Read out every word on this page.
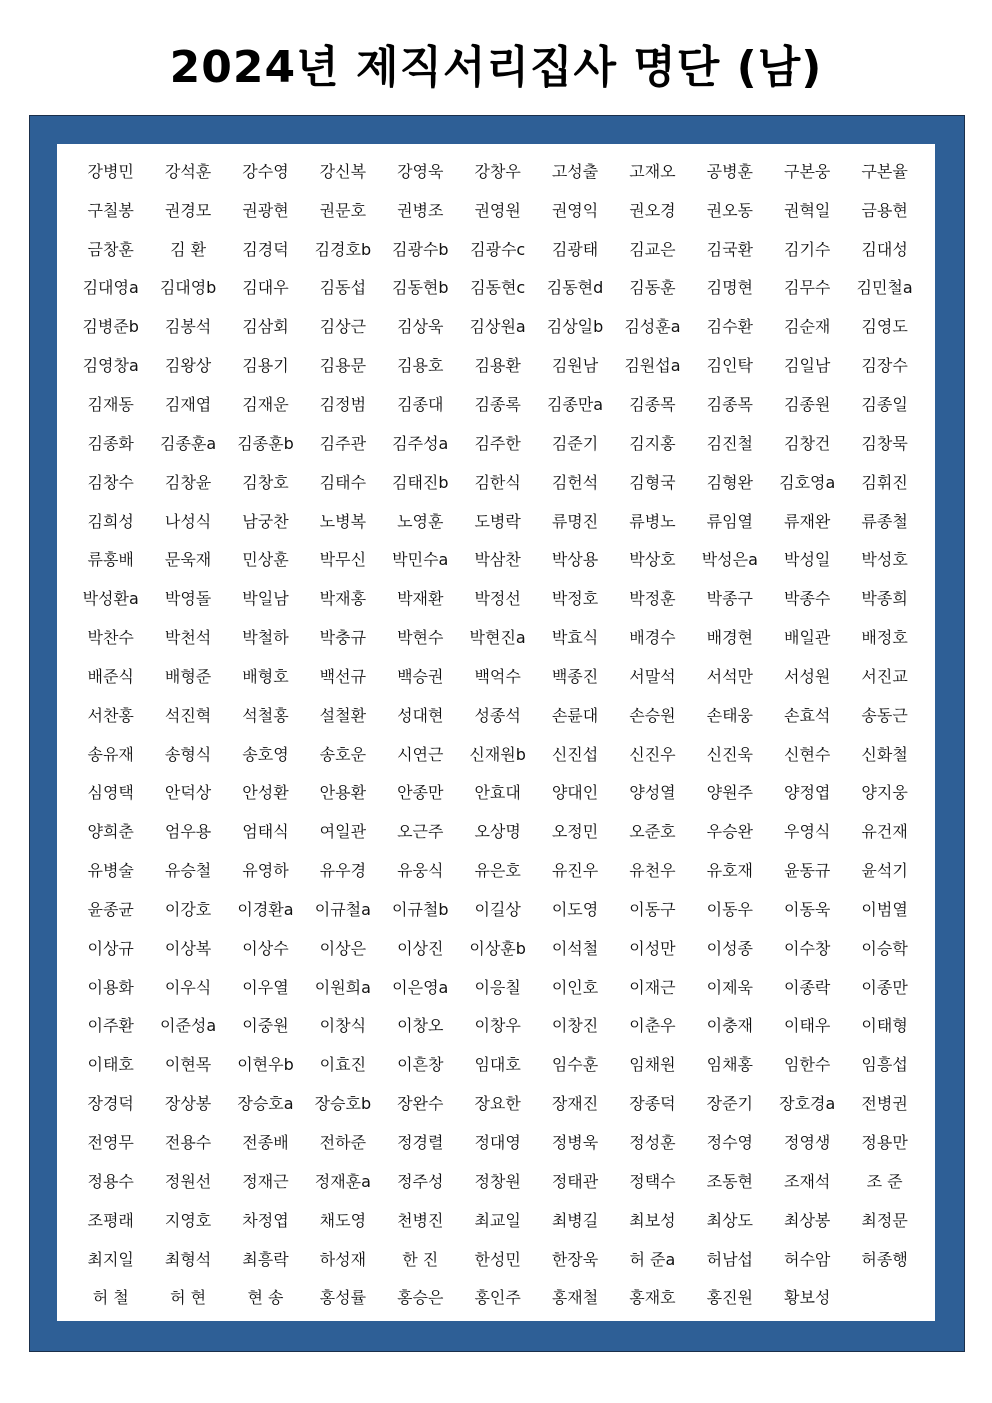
2024년 제직서리집사 명단 (남)
강병민	강석훈	강수영	강신복	강영욱	강창우	고성출	고재오	공병훈	구본웅	구본율
구칠봉	권경모	권광현	권문호	권병조	권영원	권영익	권오경	권오동	권혁일	금용현
금창훈	김 환	김경덕	김경호b	김광수b	김광수c	김광태	김교은	김국환	김기수	김대성
김대영a	김대영b	김대우	김동섭	김동현b	김동현c	김동현d	김동훈	김명현	김무수	김민철a
김병준b	김봉석	김삼회	김상근	김상욱	김상원a	김상일b	김성훈a	김수환	김순재	김영도
김영창a	김왕상	김용기	김용문	김용호	김용환	김원남	김원섭a	김인탁	김일남	김장수
김재동	김재엽	김재운	김정범	김종대	김종록	김종만a	김종목	김종목	김종원	김종일
김종화	김종훈a	김종훈b	김주관	김주성a	김주한	김준기	김지홍	김진철	김창건	김창묵
김창수	김창윤	김창호	김태수	김태진b	김한식	김헌석	김형국	김형완	김호영a	김휘진
김희성	나성식	남궁찬	노병복	노영훈	도병락	류명진	류병노	류임열	류재완	류종철
류홍배	문욱재	민상훈	박무신	박민수a	박삼찬	박상용	박상호	박성은a	박성일	박성호
박성환a	박영돌	박일남	박재홍	박재환	박정선	박정호	박정훈	박종구	박종수	박종희
박찬수	박천석	박철하	박충규	박현수	박현진a	박효식	배경수	배경현	배일관	배정호
배준식	배형준	배형호	백선규	백승권	백억수	백종진	서말석	서석만	서성원	서진교
서찬홍	석진혁	석철홍	설철환	성대현	성종석	손륜대	손승원	손태웅	손효석	송동근
송유재	송형식	송호영	송호운	시연근	신재원b	신진섭	신진우	신진욱	신현수	신화철
심영택	안덕상	안성환	안용환	안종만	안효대	양대인	양성열	양원주	양정엽	양지웅
양희춘	엄우용	엄태식	여일관	오근주	오상명	오정민	오준호	우승완	우영식	유건재
유병술	유승철	유영하	유우경	유웅식	유은호	유진우	유천우	유호재	윤동규	윤석기
윤종균	이강호	이경환a	이규철a	이규철b	이길상	이도영	이동구	이동우	이동욱	이범열
이상규	이상복	이상수	이상은	이상진	이상훈b	이석철	이성만	이성종	이수창	이승학
이용화	이우식	이우열	이원희a	이은영a	이응칠	이인호	이재근	이제욱	이종락	이종만
이주환	이준성a	이중원	이창식	이창오	이창우	이창진	이춘우	이충재	이태우	이태형
이태호	이현목	이현우b	이효진	이흔창	임대호	임수훈	임채원	임채홍	임한수	임흥섭
장경덕	장상봉	장승호a	장승호b	장완수	장요한	장재진	장종덕	장준기	장호경a	전병권
전영무	전용수	전종배	전하준	정경렬	정대영	정병욱	정성훈	정수영	정영생	정용만
정용수	정원선	정재근	정재훈a	정주성	정창원	정태관	정택수	조동현	조재석	조 준
조평래	지영호	차정엽	채도영	천병진	최교일	최병길	최보성	최상도	최상봉	최정문
최지일	최형석	최흥락	하성재	한 진	한성민	한장욱	허 준a	허남섭	허수암	허종행
허 철	허 현	현 송	홍성률	홍승은	홍인주	홍재철	홍재호	홍진원	황보성
